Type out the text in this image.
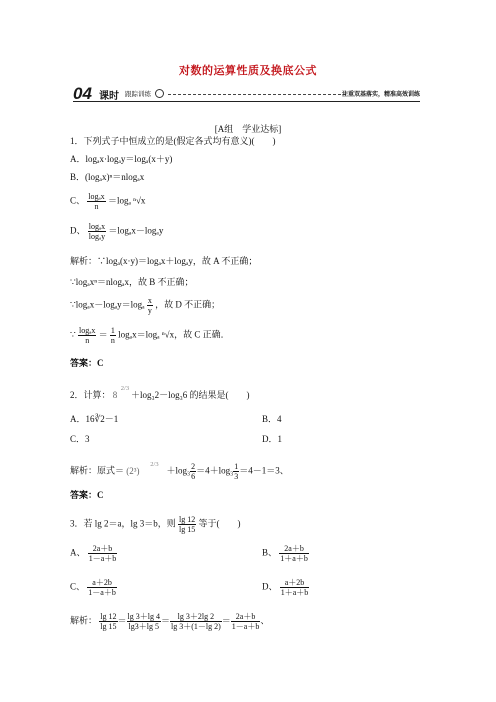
对数的运算性质及换底公式
04 课时 跟踪训练	注重双基落实，精准高效训练
[A组　学业达标]
1．下列式子中恒成立的是(假定各式均有意义)(　　)
A．logₐx·logₐy＝logₐ(x＋y)
B．(logₐx)ⁿ＝nlogₐx
C、 $\frac{\text{logₐx}}{n} =\log_a$ ⁿ√x
D、 $\frac{\text{logₐx}}{\text{logₐy}} =\log_ax-\log_ay$
解析：∵logₐ(x·y)＝logₐx＋logₐy，故 A 不正确；
∵logₐxⁿ＝nlogₐx，故 B 不正确；
∵logₐx－logₐy＝logₐ $\frac{x}{y}$ ，故 D 不正确；
∵ $\frac{\text{logₐx}}{n} = \frac{1}{n} \log_ax=\log_a$ ⁿ√x，故 C 正确．
答案：C
2．计算： 8
2/3
＋log₃2－log₃6 的结果是(　　)
A．16∛2－1	B．4
C．3	D．1
解析：原式＝ (2³)
2/3
$+\log_3 \frac{2}{6} =4+\log_3 \frac{1}{3} =4-1=3$、
答案：C
3．若 lg 2＝a，lg 3＝b，则 $\frac{\lg 12}{\lg 15}$ 等于(　　)
A、 $\frac{2a+b}{1-a+b}$	B、 $\frac{2a+b}{1+a+b}$
C、 $\frac{a+2b}{1-a+b}$	D、 $\frac{a+2b}{1+a+b}$
解析： $\frac{\lg 12}{\lg 15} = \frac{\lg 3+\lg 4}{\lg 3+\lg 5} = \frac{\lg 3+2\lg 2}{\lg 3+(1-\lg 2)} = \frac{2a+b}{1-a+b}$ 、
